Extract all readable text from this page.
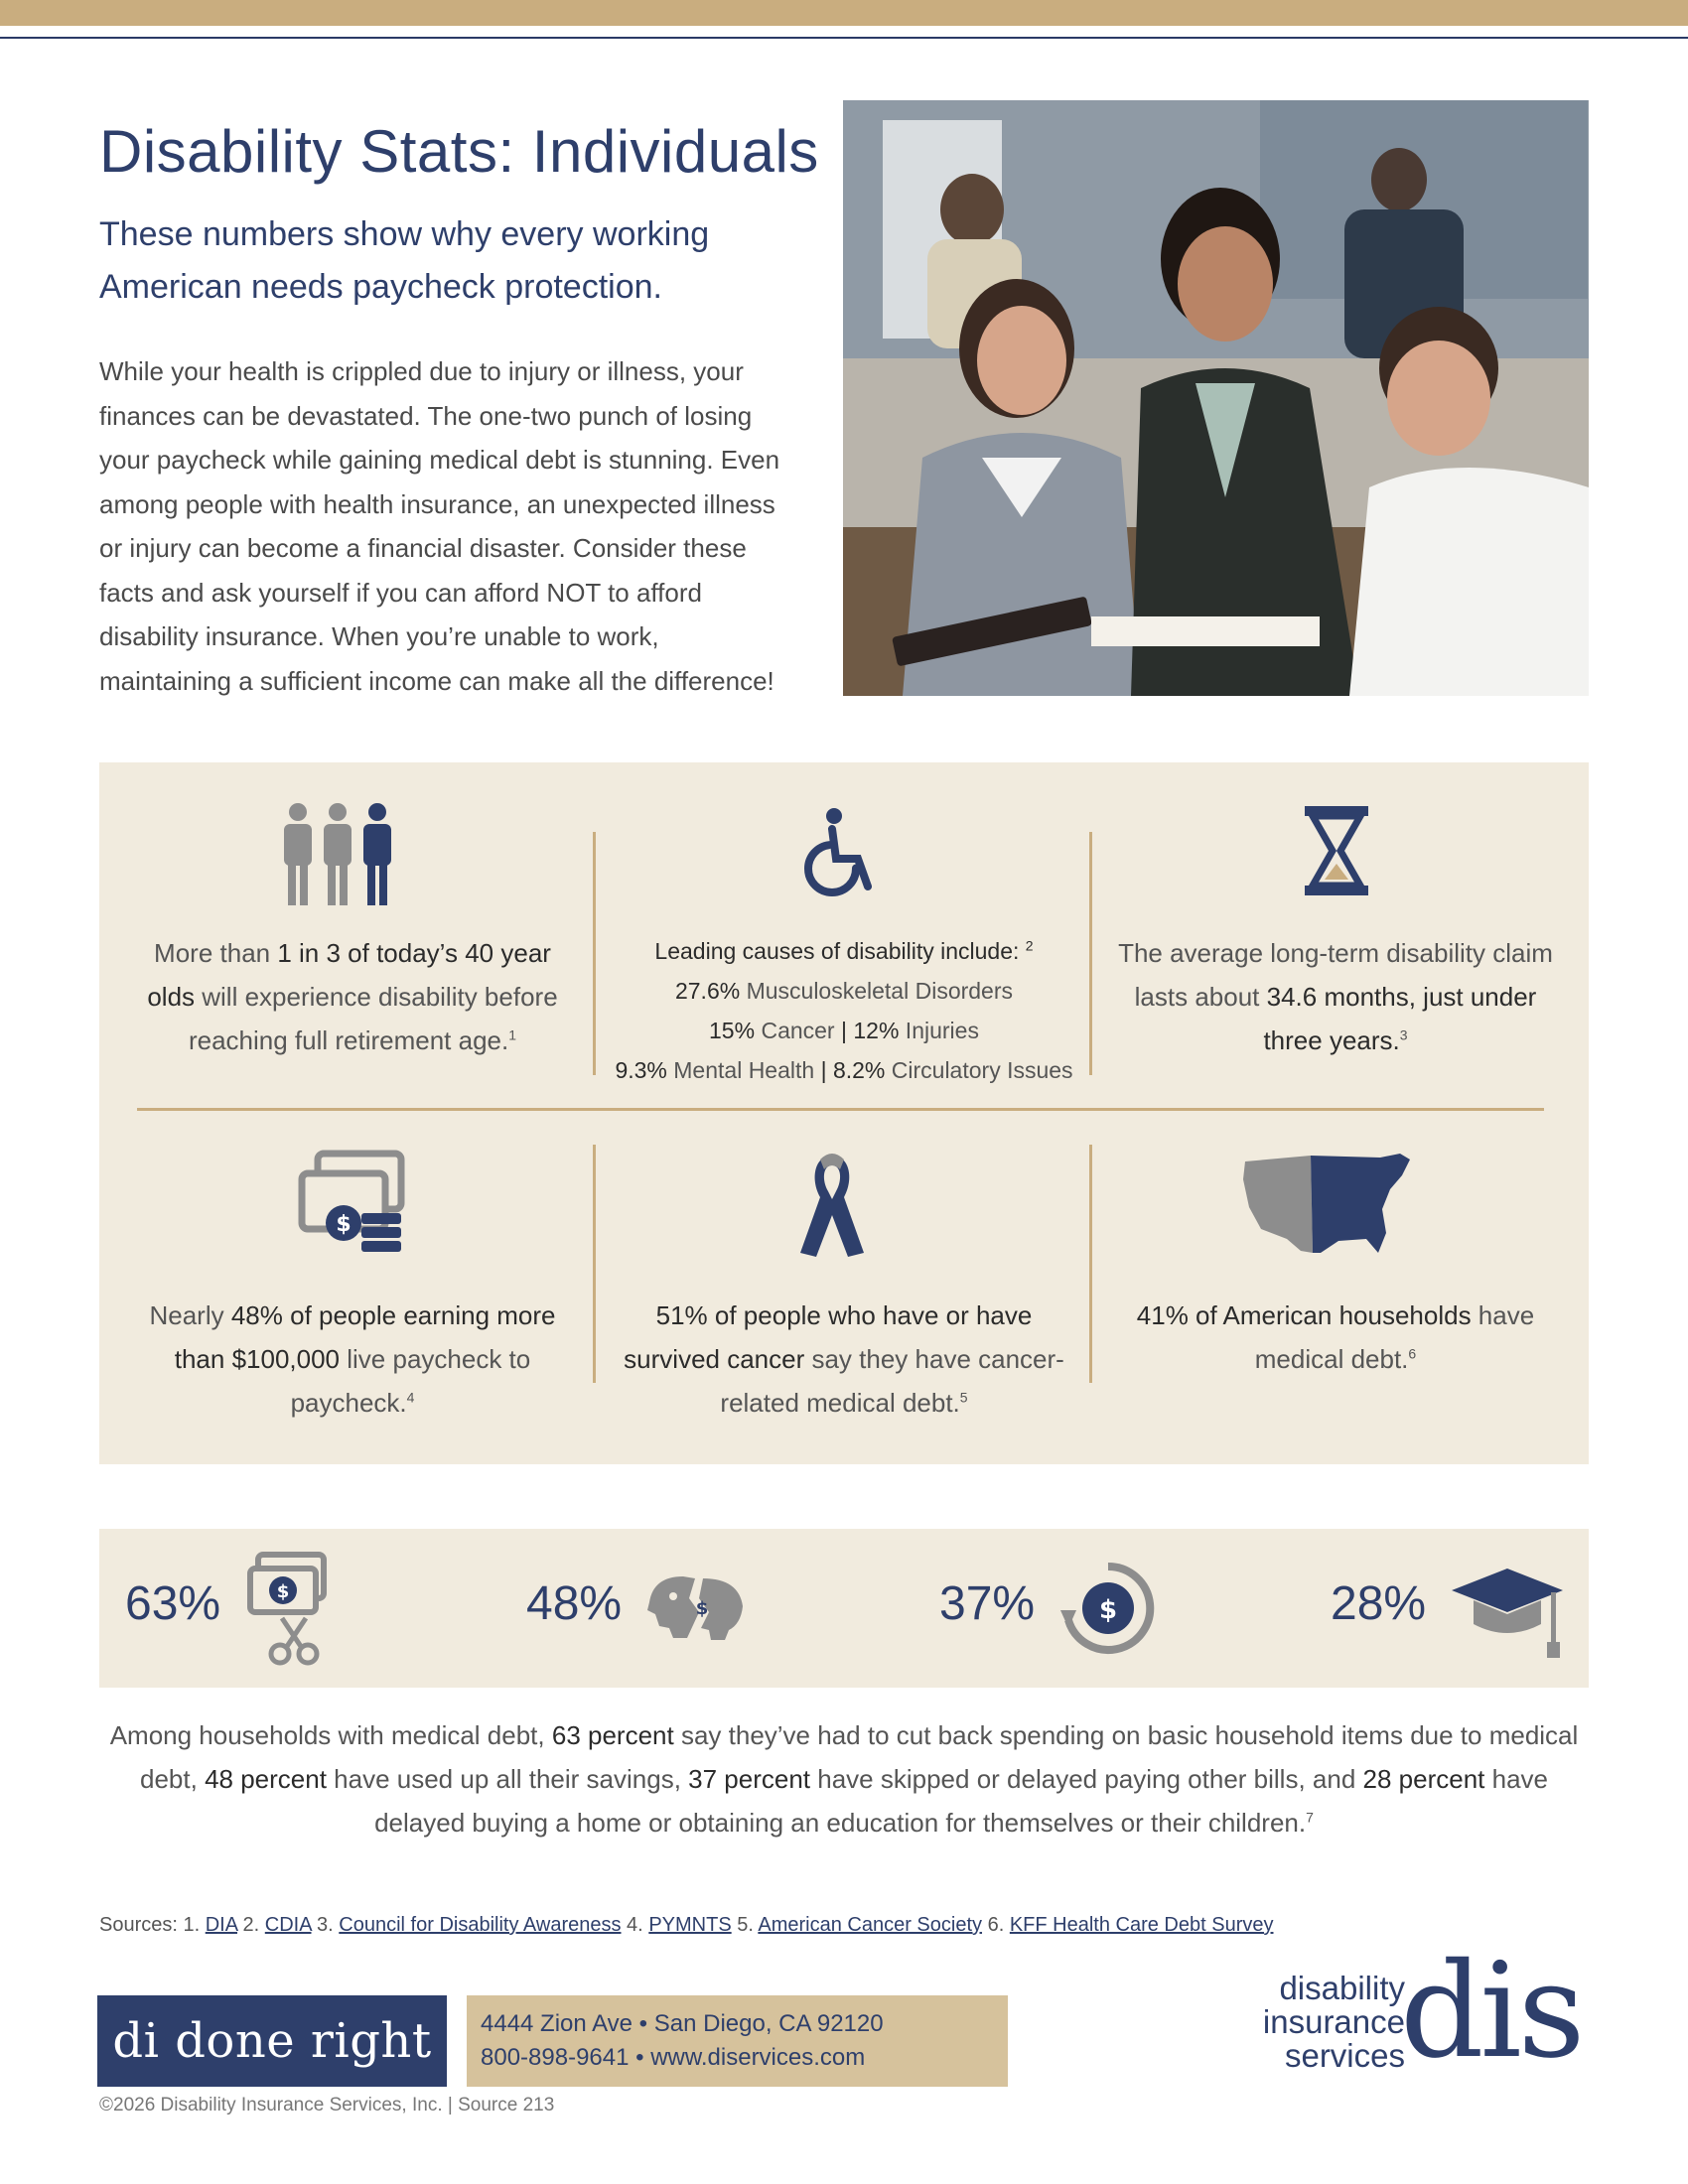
Disability Stats: Individuals
These numbers show why every working American needs paycheck protection.
While your health is crippled due to injury or illness, your finances can be devastated. The one-two punch of losing your paycheck while gaining medical debt is stunning. Even among people with health insurance, an unexpected illness or injury can become a financial disaster. Consider these facts and ask yourself if you can afford NOT to afford disability insurance. When you’re unable to work, maintaining a sufficient income can make all the difference!
More than 1 in 3 of today’s 40 year olds will experience disability before reaching full retirement age.$^1$
Leading causes of disability include: $^2$
27.6% Musculoskeletal Disorders
15% Cancer | 12% Injuries
9.3% Mental Health | 8.2% Circulatory Issues
The average long-term disability claim lasts about 34.6 months, just under three years.$^3$
$
Nearly 48% of people earning more than $100,000 live paycheck to paycheck.$^4$
51% of people who have or have survived cancer say they have cancer-related medical debt.$^5$
41% of American households have medical debt.$^6$
63%	$	48%	$	37% $	28%
Among households with medical debt, 63 percent say they’ve had to cut back spending on basic household items due to medical debt, 48 percent have used up all their savings, 37 percent have skipped or delayed paying other bills, and 28 percent have delayed buying a home or obtaining an education for themselves or their children.$^7$
Sources: 1. DIA 2. CDIA 3. Council for Disability Awareness 4. PYMNTS 5. American Cancer Society 6. KFF Health Care Debt Survey
di done right	4444 Zion Ave • San Diego, CA 92120
800-898-9641 • www.diservices.com
©2026 Disability Insurance Services, Inc. | Source 213
disability
insurance
services
dis
